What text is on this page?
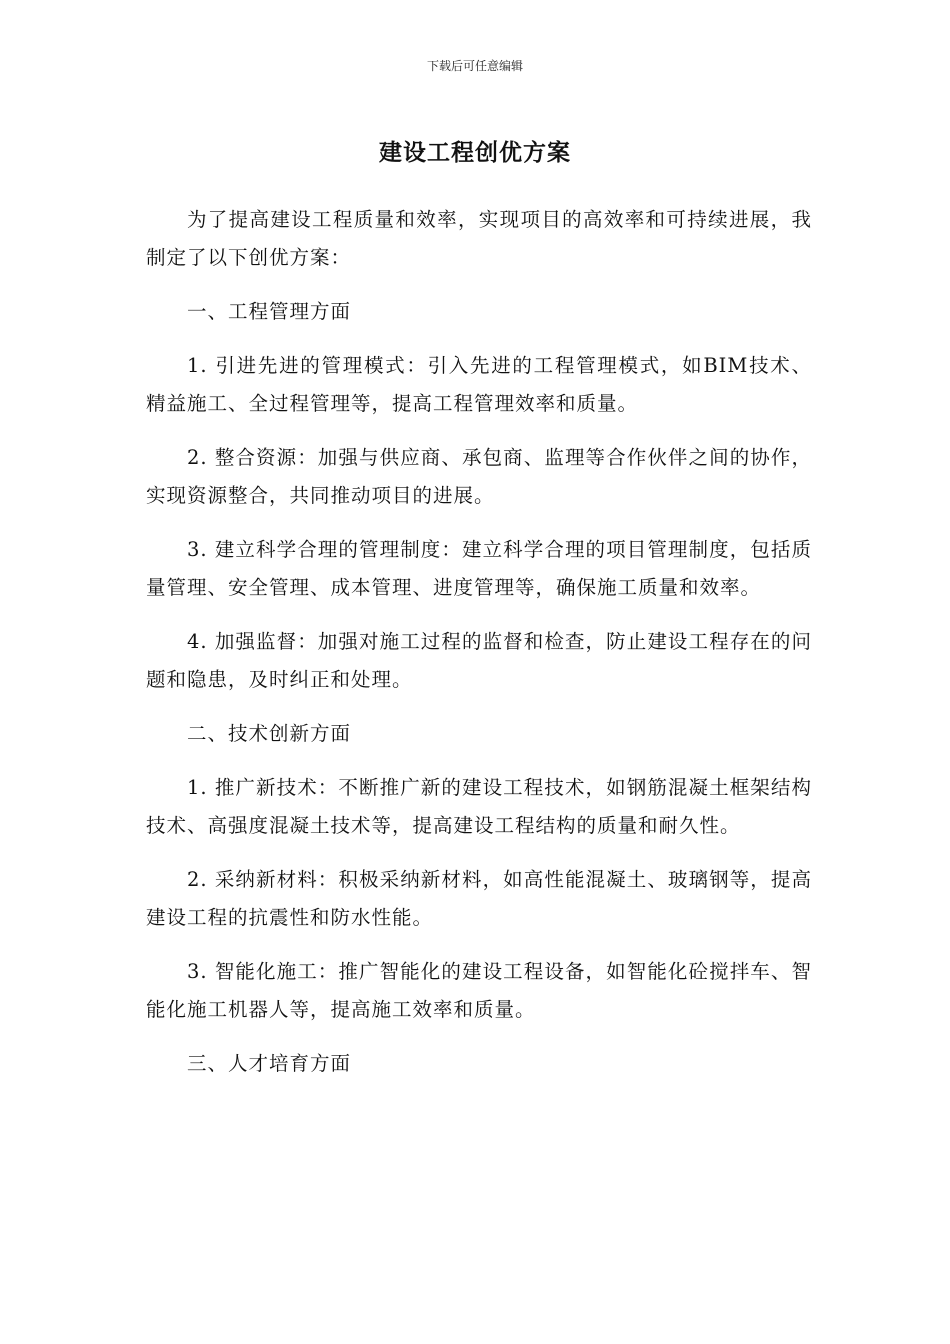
下载后可任意编辑
建设工程创优方案

为了提高建设工程质量和效率，实现项目的高效率和可持续进展，我制定了以下创优方案：

一、工程管理方面

1. 引进先进的管理模式：引入先进的工程管理模式，如BIM技术、精益施工、全过程管理等，提高工程管理效率和质量。

2. 整合资源：加强与供应商、承包商、监理等合作伙伴之间的协作，实现资源整合，共同推动项目的进展。

3. 建立科学合理的管理制度：建立科学合理的项目管理制度，包括质量管理、安全管理、成本管理、进度管理等，确保施工质量和效率。

4. 加强监督：加强对施工过程的监督和检查，防止建设工程存在的问题和隐患，及时纠正和处理。

二、技术创新方面

1. 推广新技术：不断推广新的建设工程技术，如钢筋混凝土框架结构技术、高强度混凝土技术等，提高建设工程结构的质量和耐久性。

2. 采纳新材料：积极采纳新材料，如高性能混凝土、玻璃钢等，提高建设工程的抗震性和防水性能。

3. 智能化施工：推广智能化的建设工程设备，如智能化砼搅拌车、智能化施工机器人等，提高施工效率和质量。

三、人才培育方面
